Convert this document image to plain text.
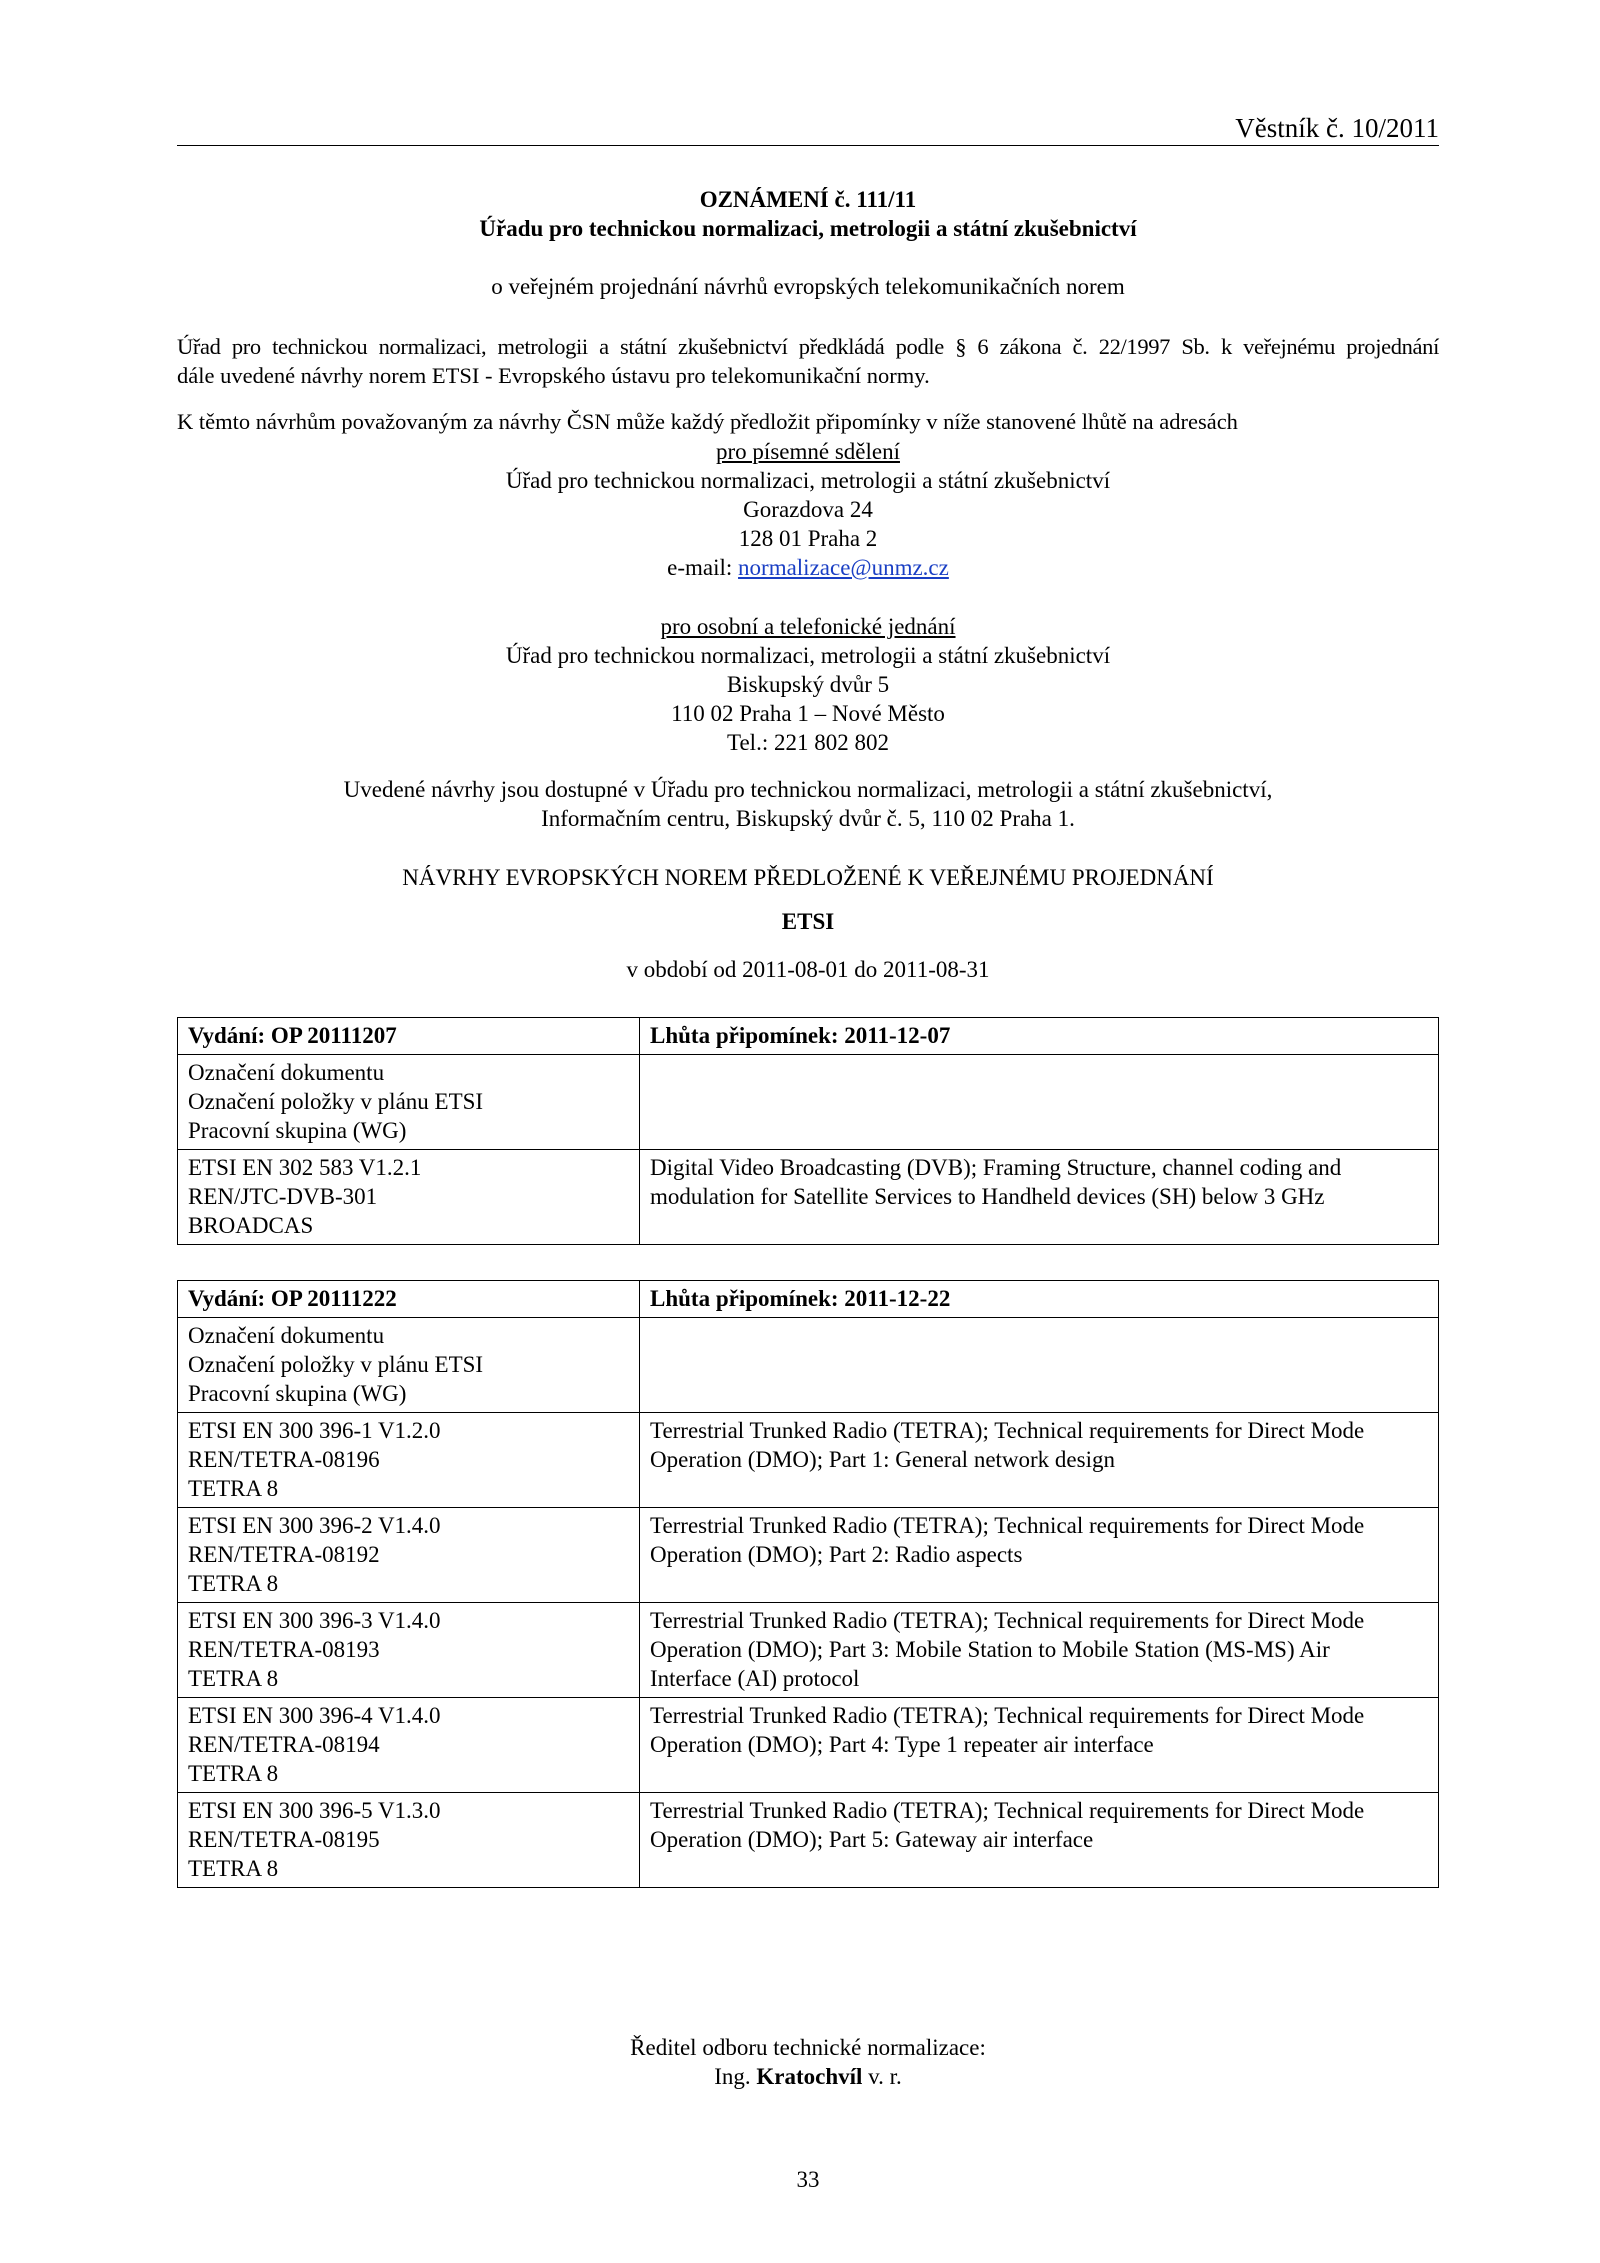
Věstník č. 10/2011
OZNÁMENÍ č. 111/11
Úřadu pro technickou normalizaci, metrologii a státní zkušebnictví
o veřejném projednání návrhů evropských telekomunikačních norem
Úřad pro technickou normalizaci, metrologii a státní zkušebnictví předkládá podle § 6 zákona č. 22/1997 Sb. k veřejnému projednání
dále uvedené návrhy norem ETSI - Evropského ústavu pro telekomunikační normy.
K těmto návrhům považovaným za návrhy ČSN může každý předložit připomínky v níže stanovené lhůtě na adresách
pro písemné sdělení
Úřad pro technickou normalizaci, metrologii a státní zkušebnictví
Gorazdova 24
128 01 Praha 2
e-mail: normalizace@unmz.cz
pro osobní a telefonické jednání
Úřad pro technickou normalizaci, metrologii a státní zkušebnictví
Biskupský dvůr 5
110 02 Praha 1 – Nové Město
Tel.: 221 802 802
Uvedené návrhy jsou dostupné v Úřadu pro technickou normalizaci, metrologii a státní zkušebnictví,
Informačním centru, Biskupský dvůr č. 5, 110 02 Praha 1.
NÁVRHY EVROPSKÝCH NOREM PŘEDLOŽENÉ K VEŘEJNÉMU PROJEDNÁNÍ
ETSI
v období od 2011-08-01 do 2011-08-31
Vydání: OP 20111207	Lhůta připomínek: 2011-12-07

Označení dokumentu
Označení položky v plánu ETSI
Pracovní skupina (WG)	

ETSI EN 302 583 V1.2.1
REN/JTC-DVB-301
BROADCAS	Digital Video Broadcasting (DVB); Framing Structure, channel coding and
modulation for Satellite Services to Handheld devices (SH) below 3 GHz
Vydání: OP 20111222	Lhůta připomínek: 2011-12-22

Označení dokumentu
Označení položky v plánu ETSI
Pracovní skupina (WG)	

ETSI EN 300 396-1 V1.2.0
REN/TETRA-08196
TETRA 8	Terrestrial Trunked Radio (TETRA); Technical requirements for Direct Mode
Operation (DMO); Part 1: General network design

ETSI EN 300 396-2 V1.4.0
REN/TETRA-08192
TETRA 8	Terrestrial Trunked Radio (TETRA); Technical requirements for Direct Mode
Operation (DMO); Part 2: Radio aspects

ETSI EN 300 396-3 V1.4.0
REN/TETRA-08193
TETRA 8	Terrestrial Trunked Radio (TETRA); Technical requirements for Direct Mode
Operation (DMO); Part 3: Mobile Station to Mobile Station (MS-MS) Air
Interface (AI) protocol

ETSI EN 300 396-4 V1.4.0
REN/TETRA-08194
TETRA 8	Terrestrial Trunked Radio (TETRA); Technical requirements for Direct Mode
Operation (DMO); Part 4: Type 1 repeater air interface

ETSI EN 300 396-5 V1.3.0
REN/TETRA-08195
TETRA 8	Terrestrial Trunked Radio (TETRA); Technical requirements for Direct Mode
Operation (DMO); Part 5: Gateway air interface
Ředitel odboru technické normalizace:
Ing. Kratochvíl v. r.
33
